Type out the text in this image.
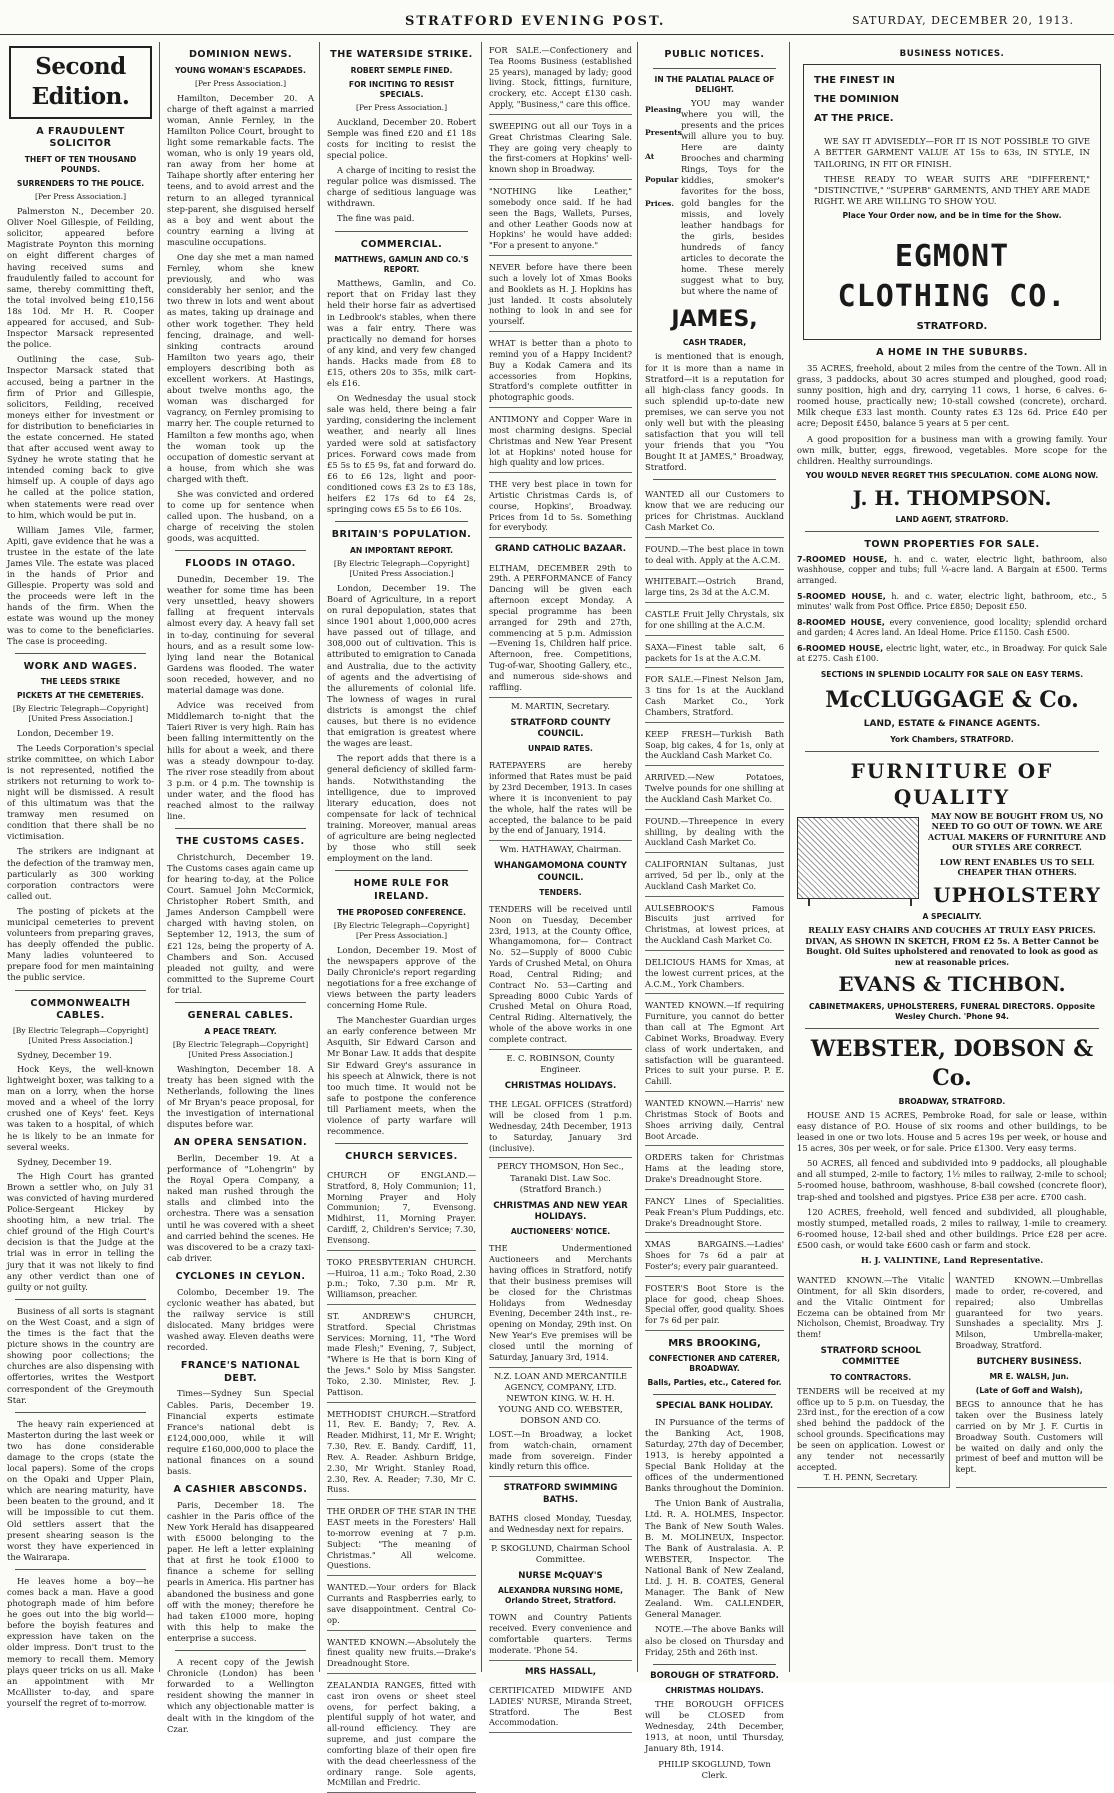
STRATFORD EVENING POST.	SATURDAY, DECEMBER 20, 1913.
Second Edition.
A FRAUDULENT SOLICITOR
THEFT OF TEN THOUSAND POUNDS.
SURRENDERS TO THE POLICE.
[Per Press Association.]

Palmerston N., December 20. Oliver Noel Gillespie, of Feilding, solicitor, appeared before Magistrate Poynton this morning on eight different charges of having received sums and fraudulently failed to account for same, thereby committing theft, the total involved being £10,156 18s 10d. Mr H. R. Cooper appeared for accused, and Sub-Inspector Marsack represented the police.

Outlining the case, Sub-Inspector Marsack stated that accused, being a partner in the firm of Prior and Gillespie, solicitors, Feilding, received moneys either for investment or for distribution to beneficiaries in the estate concerned. He stated that after accused went away to Sydney he wrote stating that he intended coming back to give himself up. A couple of days ago he called at the police station, when statements were read over to him, which would be put in.

William James Vile, farmer, Apiti, gave evidence that he was a trustee in the estate of the late James Vile. The estate was placed in the hands of Prior and Gillespie. Property was sold and the proceeds were left in the hands of the firm. When the estate was wound up the money was to come to the beneficiaries. The case is proceeding.

WORK AND WAGES.
THE LEEDS STRIKE
PICKETS AT THE CEMETERIES.
[By Electric Telegraph—Copyright] [United Press Association.]
London, December 19.

The Leeds Corporation's special strike committee, on which Labor is not represented, notified the strikers not returning to work to-night will be dismissed. A result of this ultimatum was that the tramway men resumed on condition that there shall be no victimisation.

The strikers are indignant at the defection of the tramway men, particularly as 300 working corporation contractors were called out.

The posting of pickets at the municipal cemeteries to prevent volunteers from preparing graves, has deeply offended the public. Many ladies volunteered to prepare food for men maintaining the public service.

COMMONWEALTH CABLES.
[By Electric Telegraph—Copyright] [United Press Association.]
Sydney, December 19.

Hock Keys, the well-known lightweight boxer, was talking to a man on a lorry, when the horse moved and a wheel of the lorry crushed one of Keys' feet. Keys was taken to a hospital, of which he is likely to be an inmate for several weeks.

Sydney, December 19.

The High Court has granted Brown a settler who, on July 31 was convicted of having murdered Police-Sergeant Hickey by shooting him, a new trial. The chief ground of the High Court's decision is that the Judge at the trial was in error in telling the jury that it was not likely to find any other verdict than one of guilty or not guilty.

Business of all sorts is stagnant on the West Coast, and a sign of the times is the fact that the picture shows in the country are showing poor collections; the churches are also dispensing with offertories, writes the Westport correspondent of the Greymouth Star.

The heavy rain experienced at Masterton during the last week or two has done considerable damage to the crops (state the local papers). Some of the crops on the Opaki and Upper Plain, which are nearing maturity, have been beaten to the ground, and it will be impossible to cut them. Old settlers assert that the present shearing season is the worst they have experienced in the Wairarapa.

He leaves home a boy—he comes back a man. Have a good photograph made of him before he goes out into the big world—before the boyish features and expression have taken on the older impress. Don't trust to the memory to recall them. Memory plays queer tricks on us all. Make an appointment with Mr McAllister to-day, and spare yourself the regret of to-morrow.

DOMINION NEWS.
YOUNG WOMAN'S ESCAPADES.
[Per Press Association.]

Hamilton, December 20. A charge of theft against a married woman, Annie Fernley, in the Hamilton Police Court, brought to light some remarkable facts. The woman, who is only 19 years old, ran away from her home at Taihape shortly after entering her teens, and to avoid arrest and the return to an alleged tyrannical step-parent, she disguised herself as a boy and went about the country earning a living at masculine occupations.

One day she met a man named Fernley, whom she knew previously, and who was considerably her senior, and the two threw in lots and went about as mates, taking up drainage and other work together. They held fencing, drainage, and well-sinking contracts around Hamilton two years ago, their employers describing both as excellent workers. At Hastings, about twelve months ago, the woman was discharged for vagrancy, on Fernley promising to marry her. The couple returned to Hamilton a few months ago, when the woman took up the occupation of domestic servant at a house, from which she was charged with theft.

She was convicted and ordered to come up for sentence when called upon. The husband, on a charge of receiving the stolen goods, was acquitted.

FLOODS IN OTAGO.

Dunedin, December 19. The weather for some time has been very unsettled, heavy showers falling at frequent intervals almost every day. A heavy fall set in to-day, continuing for several hours, and as a result some low-lying land near the Botanical Gardens was flooded. The water soon receded, however, and no material damage was done.

Advice was received from Middlemarch to-night that the Taieri River is very high. Rain has been falling intermittently on the hills for about a week, and there was a steady downpour to-day. The river rose steadily from about 3 p.m. or 4 p.m. The township is under water, and the flood has reached almost to the railway line.

THE CUSTOMS CASES.

Christchurch, December 19. The Customs cases again came up for hearing to-day, at the Police Court. Samuel John McCormick, Christopher Robert Smith, and James Anderson Campbell were charged with having stolen, on September 12, 1913, the sum of £21 12s, being the property of A. Chambers and Son. Accused pleaded not guilty, and were committed to the Supreme Court for trial.

GENERAL CABLES.
A PEACE TREATY.
[By Electric Telegraph—Copyright] [United Press Association.]

Washington, December 18. A treaty has been signed with the Netherlands, following the lines of Mr Bryan's peace proposal, for the investigation of international disputes before war.

AN OPERA SENSATION.

Berlin, December 19. At a performance of "Lohengrin" by the Royal Opera Company, a naked man rushed through the stalls and climbed into the orchestra. There was a sensation until he was covered with a sheet and carried behind the scenes. He was discovered to be a crazy taxi-cab driver.

CYCLONES IN CEYLON.

Colombo, December 19. The cyclonic weather has abated, but the railway service is still dislocated. Many bridges were washed away. Eleven deaths were recorded.

FRANCE'S NATIONAL DEBT.

Times—Sydney Sun Special Cables. Paris, December 19. Financial experts estimate France's national debt is £124,000,000, while it will require £160,000,000 to place the national finances on a sound basis.

A CASHIER ABSCONDS.

Paris, December 18. The cashier in the Paris office of the New York Herald has disappeared with £5000 belonging to the paper. He left a letter explaining that at first he took £1000 to finance a scheme for selling pearls in America. His partner has abandoned the business and gone off with the money; therefore he had taken £1000 more, hoping with this help to make the enterprise a success.

A recent copy of the Jewish Chronicle (London) has been forwarded to a Wellington resident showing the manner in which any objectionable matter is dealt with in the kingdom of the Czar.

THE WATERSIDE STRIKE.
ROBERT SEMPLE FINED.
FOR INCITING TO RESIST SPECIALS.
[Per Press Association.]

Auckland, December 20. Robert Semple was fined £20 and £1 18s costs for inciting to resist the special police.

A charge of inciting to resist the regular police was dismissed. The charge of seditious language was withdrawn.

The fine was paid.

COMMERCIAL.
MATTHEWS, GAMLIN AND CO.'S REPORT.

Matthews, Gamlin, and Co. report that on Friday last they held their horse fair as advertised in Ledbrook's stables, when there was a fair entry. There was practically no demand for horses of any kind, and very few changed hands. Hacks made from £8 to £15, others 20s to 35s, milk cart-els £16.

On Wednesday the usual stock sale was held, there being a fair yarding, considering the inclement weather, and nearly all lines yarded were sold at satisfactory prices. Forward cows made from £5 5s to £5 9s, fat and forward do. £6 to £6 12s, light and poor-conditioned cows £3 2s to £3 18s, heifers £2 17s 6d to £4 2s, springing cows £5 5s to £6 10s.

BRITAIN'S POPULATION.
AN IMPORTANT REPORT.
[By Electric Telegraph—Copyright] [United Press Association.]

London, December 19. The Board of Agriculture, in a report on rural depopulation, states that since 1901 about 1,000,000 acres have passed out of tillage, and 308,000 out of cultivation. This is attributed to emigration to Canada and Australia, due to the activity of agents and the advertising of the allurements of colonial life. The lowness of wages in rural districts is amongst the chief causes, but there is no evidence that emigration is greatest where the wages are least.

The report adds that there is a general deficiency of skilled farm-hands. Notwithstanding the intelligence, due to improved literary education, does not compensate for lack of technical training. Moreover, manual areas of agriculture are being neglected by those who still seek employment on the land.

HOME RULE FOR IRELAND.
THE PROPOSED CONFERENCE.
[By Electric Telegraph—Copyright] [Per Press Association.]

London, December 19. Most of the newspapers approve of the Daily Chronicle's report regarding negotiations for a free exchange of views between the party leaders concerning Home Rule.

The Manchester Guardian urges an early conference between Mr Asquith, Sir Edward Carson and Mr Bonar Law. It adds that despite Sir Edward Grey's assurance in his speech at Alnwick, there is not too much time. It would not be safe to postpone the conference till Parliament meets, when the violence of party warfare will recommence.

CHURCH SERVICES.
CHURCH OF ENGLAND.—Stratford, 8, Holy Communion; 11, Morning Prayer and Holy Communion; 7, Evensong. Midhirst, 11, Morning Prayer. Cardiff, 2, Children's Service; 7.30, Evensong.
TOKO PRESBYTERIAN CHURCH.—Huiroa, 11 a.m.; Toko Road, 2.30 p.m.; Toko, 7.30 p.m. Mr R. Williamson, preacher.
ST. ANDREW'S CHURCH, Stratford. Special Christmas Services: Morning, 11, "The Word made Flesh;" Evening, 7, Subject, "Where is He that is born King of the Jews." Solo by Miss Sangster. Toko, 2.30. Minister, Rev. J. Pattison.
METHODIST CHURCH.—Stratford 11, Rev. E. Bandy; 7, Rev. A. Reader. Midhirst, 11, Mr E. Wright; 7.30, Rev. E. Bandy. Cardiff, 11, Rev. A. Reader. Ashburn Bridge, 2.30, Mr Wright. Stanley Road, 2.30, Rev. A. Reader; 7.30, Mr C. Russ.
THE ORDER OF THE STAR IN THE EAST meets in the Foresters' Hall to-morrow evening at 7 p.m. Subject: "The meaning of Christmas." All welcome. Questions.
WANTED.—Your orders for Black Currants and Raspberries early, to save disappointment. Central Co-op.
WANTED KNOWN.—Absolutely the finest quality new fruits.—Drake's Dreadnought Store.
ZEALANDIA RANGES, fitted with cast iron ovens or sheet steel ovens, for perfect baking, a plentiful supply of hot water, and all-round efficiency. They are supreme, and just compare the comforting blaze of their open fire with the dead cheerlessness of the ordinary range. Sole agents, McMillan and Fredric.
FOR SALE.—Confectionery and Tea Rooms Business (established 25 years), managed by lady; good living. Stock, fittings, furniture, crockery, etc. Accept £130 cash. Apply, "Business," care this office.
SWEEPING out all our Toys in a Great Christmas Clearing Sale. They are going very cheaply to the first-comers at Hopkins' well-known shop in Broadway.
"NOTHING like Leather," somebody once said. If he had seen the Bags, Wallets, Purses, and other Leather Goods now at Hopkins' he would have added: "For a present to anyone."
NEVER before have there been such a lovely lot of Xmas Books and Booklets as H. J. Hopkins has just landed. It costs absolutely nothing to look in and see for yourself.
WHAT is better than a photo to remind you of a Happy Incident? Buy a Kodak Camera and its accessories from Hopkins, Stratford's complete outfitter in photographic goods.
ANTIMONY and Copper Ware in most charming designs. Special Christmas and New Year Present lot at Hopkins' noted house for high quality and low prices.
THE very best place in town for Artistic Christmas Cards is, of course, Hopkins', Broadway. Prices from 1d to 5s. Something for everybody.
GRAND CATHOLIC BAZAAR.
ELTHAM, DECEMBER 29th to 29th. A PERFORMANCE of Fancy Dancing will be given each afternoon except Monday. A special programme has been arranged for 29th and 27th, commencing at 5 p.m. Admission—Evening 1s, Children half price. Afternoon, free. Competitions, Tug-of-war, Shooting Gallery, etc., and numerous side-shows and raffling.
M. MARTIN, Secretary.
STRATFORD COUNTY COUNCIL.
UNPAID RATES.
RATEPAYERS are hereby informed that Rates must be paid by 23rd December, 1913. In cases where it is inconvenient to pay the whole, half the rates will be accepted, the balance to be paid by the end of January, 1914.
Wm. HATHAWAY, Chairman.
WHANGAMOMONA COUNTY COUNCIL.
TENDERS.
TENDERS will be received until Noon on Tuesday, December 23rd, 1913, at the County Office, Whangamomona, for— Contract No. 52—Supply of 8000 Cubic Yards of Crushed Metal, on Ohura Road, Central Riding; and Contract No. 53—Carting and Spreading 8000 Cubic Yards of Crushed Metal on Ohura Road, Central Riding. Alternatively, the whole of the above works in one complete contract.
E. C. ROBINSON, County Engineer.
CHRISTMAS HOLIDAYS.
THE LEGAL OFFICES (Stratford) will be closed from 1 p.m. Wednesday, 24th December, 1913 to Saturday, January 3rd (inclusive).
PERCY THOMSON, Hon Sec., Taranaki Dist. Law Soc. (Stratford Branch.)
CHRISTMAS AND NEW YEAR HOLIDAYS.
AUCTIONEERS' NOTICE.
THE Undermentioned Auctioneers and Merchants having offices in Stratford, notify that their business premises will be closed for the Christmas Holidays from Wednesday Evening, December 24th inst., re-opening on Monday, 29th inst. On New Year's Eve premises will be closed until the morning of Saturday, January 3rd, 1914.
N.Z. LOAN AND MERCANTILE AGENCY, COMPANY, LTD. NEWTON KING. W. H. H. YOUNG AND CO. WEBSTER, DOBSON AND CO.
LOST.—In Broadway, a locket from watch-chain, ornament made from sovereign. Finder kindly return this office.
STRATFORD SWIMMING BATHS.
BATHS closed Monday, Tuesday, and Wednesday next for repairs.
P. SKOGLUND, Chairman School Committee.
NURSE McQUAY'S
ALEXANDRA NURSING HOME, Orlando Street, Stratford.
TOWN and Country Patients received. Every convenience and comfortable quarters. Terms moderate. 'Phone 54.
MRS HASSALL,
CERTIFICATED MIDWIFE AND LADIES' NURSE, Miranda Street, Stratford. The Best Accommodation.
PUBLIC NOTICES.
IN THE PALATIAL PALACE OF DELIGHT.
Pleasing
Presents
At
Popular
Prices.

YOU may wander where you will, the presents and the prices will allure you to buy. Here are dainty Brooches and charming Rings, Toys for the kiddies, smoker's favorites for the boss, gold bangles for the missis, and lovely leather handbags for the girls, besides hundreds of fancy articles to decorate the home. These merely suggest what to buy, but where the name of

JAMES,
CASH TRADER,

is mentioned that is enough, for it is more than a name in Stratford—it is a reputation for all high-class fancy goods. In such splendid up-to-date new premises, we can serve you not only well but with the pleasing satisfaction that you will tell your friends that you "You Bought It at JAMES," Broadway, Stratford.

WANTED all our Customers to know that we are reducing our prices for Christmas. Auckland Cash Market Co.
FOUND.—The best place in town to deal with. Apply at the A.C.M.
WHITEBAIT.—Ostrich Brand, large tins, 2s 3d at the A.C.M.
CASTLE Fruit Jelly Chrystals, six for one shilling at the A.C.M.
SAXA—Finest table salt, 6 packets for 1s at the A.C.M.
FOR SALE.—Finest Nelson Jam, 3 tins for 1s at the Auckland Cash Market Co., York Chambers, Stratford.
KEEP FRESH—Turkish Bath Soap, big cakes, 4 for 1s, only at the Auckland Cash Market Co.
ARRIVED.—New Potatoes, Twelve pounds for one shilling at the Auckland Cash Market Co.
FOUND.—Threepence in every shilling, by dealing with the Auckland Cash Market Co.
CALIFORNIAN Sultanas, just arrived, 5d per lb., only at the Auckland Cash Market Co.
AULSEBROOK'S Famous Biscuits just arrived for Christmas, at lowest prices, at the Auckland Cash Market Co.
DELICIOUS HAMS for Xmas, at the lowest current prices, at the A.C.M., York Chambers.
WANTED KNOWN.—If requiring Furniture, you cannot do better than call at The Egmont Art Cabinet Works, Broadway. Every class of work undertaken, and satisfaction will be guaranteed. Prices to suit your purse. P. E. Cahill.
WANTED KNOWN.—Harris' new Christmas Stock of Boots and Shoes arriving daily, Central Boot Arcade.
ORDERS taken for Christmas Hams at the leading store, Drake's Dreadnought Store.
FANCY Lines of Specialities. Peak Frean's Plum Puddings, etc. Drake's Dreadnought Store.
XMAS BARGAINS.—Ladies' Shoes for 7s 6d a pair at Foster's; every pair guaranteed.
FOSTER'S Boot Store is the place for good, cheap Shoes. Special offer, good quality. Shoes for 7s 6d per pair.
MRS BROOKING,
CONFECTIONER AND CATERER, BROADWAY.
Balls, Parties, etc., Catered for.
SPECIAL BANK HOLIDAY.

IN Pursuance of the terms of the Banking Act, 1908, Saturday, 27th day of December, 1913, is hereby appointed a Special Bank Holiday at the offices of the undermentioned Banks throughout the Dominion.

The Union Bank of Australia, Ltd. R. A. HOLMES, Inspector. The Bank of New South Wales. B. M. MOLINEUX, Inspector. The Bank of Australasia. A. P. WEBSTER, Inspector. The National Bank of New Zealand, Ltd. J. H. B. COATES, General Manager. The Bank of New Zealand. Wm. CALLENDER, General Manager.

NOTE.—The above Banks will also be closed on Thursday and Friday, 25th and 26th inst.

BOROUGH OF STRATFORD.
CHRISTMAS HOLIDAYS.

THE BOROUGH OFFICES will be CLOSED from Wednesday, 24th December, 1913, at noon, until Thursday, January 8th, 1914.

PHILIP SKOGLUND, Town Clerk.
BUSINESS NOTICES.
THE FINEST IN
THE DOMINION
AT THE PRICE.

WE SAY IT ADVISEDLY—FOR IT IS NOT POSSIBLE TO GIVE A BETTER GARMENT VALUE AT 15s to 63s, IN STYLE, IN TAILORING, IN FIT OR FINISH.

THESE READY TO WEAR SUITS ARE "DIFFERENT," "DISTINCTIVE," "SUPERB" GARMENTS, AND THEY ARE MADE RIGHT. WE ARE WILLING TO SHOW YOU.

Place Your Order now, and be in time for the Show.
EGMONT CLOTHING CO.
STRATFORD.
A HOME IN THE SUBURBS.

35 ACRES, freehold, about 2 miles from the centre of the Town. All in grass, 3 paddocks, about 30 acres stumped and ploughed, good road; sunny position, high and dry, carrying 11 cows, 1 horse, 6 calves. 6-roomed house, practically new; 10-stall cowshed (concrete), orchard. Milk cheque £33 last month. County rates £3 12s 6d. Price £40 per acre; Deposit £450, balance 5 years at 5 per cent.

A good proposition for a business man with a growing family. Your own milk, butter, eggs, firewood, vegetables. More scope for the children. Healthy surroundings.

YOU WOULD NEVER REGRET THIS SPECULATION. COME ALONG NOW.
J. H. THOMPSON.
LAND AGENT, STRATFORD.
TOWN PROPERTIES FOR SALE.
7-ROOMED HOUSE, h. and c. water, electric light, bathroom, also washhouse, copper and tubs; full ¼-acre land. A Bargain at £500. Terms arranged.
5-ROOMED HOUSE, h. and c. water, electric light, bathroom, etc., 5 minutes' walk from Post Office. Price £850; Deposit £50.
8-ROOMED HOUSE, every convenience, good locality; splendid orchard and garden; 4 Acres land. An Ideal Home. Price £1150. Cash £500.
6-ROOMED HOUSE, electric light, water, etc., in Broadway. For quick Sale at £275. Cash £100.
SECTIONS IN SPLENDID LOCALITY FOR SALE ON EASY TERMS.
McCLUGGAGE & Co.
LAND, ESTATE & FINANCE AGENTS.
York Chambers, STRATFORD.
FURNITURE OF QUALITY

MAY NOW BE BOUGHT FROM US, NO NEED TO GO OUT OF TOWN. WE ARE ACTUAL MAKERS OF FURNITURE AND OUR STYLES ARE CORRECT.

LOW RENT ENABLES US TO SELL CHEAPER THAN OTHERS.

UPHOLSTERY
A SPECIALITY.
REALLY EASY CHAIRS AND COUCHES AT TRULY EASY PRICES. DIVAN, AS SHOWN IN SKETCH, FROM £2 5s. A Better Cannot be Bought. Old Suites upholstered and renovated to look as good as new at reasonable prices.
EVANS & TICHBON.
CABINETMAKERS, UPHOLSTERERS, FUNERAL DIRECTORS. Opposite Wesley Church. 'Phone 94.
WEBSTER, DOBSON & Co.
BROADWAY, STRATFORD.

HOUSE AND 15 ACRES, Pembroke Road, for sale or lease, within easy distance of P.O. House of six rooms and other buildings, to be leased in one or two lots. House and 5 acres 19s per week, or house and 15 acres, 30s per week, or for sale. Price £1300. Very easy terms.

50 ACRES, all fenced and subdivided into 9 paddocks, all ploughable and all stumped, 2-mile to factory, 1½ miles to railway, 2-mile to school; 5-roomed house, bathroom, washhouse, 8-bail cowshed (concrete floor), trap-shed and toolshed and pigstyes. Price £38 per acre. £700 cash.

120 ACRES, freehold, well fenced and subdivided, all ploughable, mostly stumped, metalled roads, 2 miles to railway, 1-mile to creamery. 6-roomed house, 12-bail shed and other buildings. Price £28 per acre. £500 cash, or would take £600 cash or farm and stock.

H. J. VALINTINE, Land Representative.
WANTED KNOWN.—The Vitalic Ointment, for all Skin disorders, and the Vitalic Ointment for Eczema can be obtained from Mr Nicholson, Chemist, Broadway. Try them!
STRATFORD SCHOOL COMMITTEE
TO CONTRACTORS.
TENDERS will be received at my office up to 5 p.m. on Tuesday, the 23rd inst., for the erection of a cow shed behind the paddock of the school grounds. Specifications may be seen on application. Lowest or any tender not necessarily accepted.
T. H. PENN, Secretary.
WANTED KNOWN.—Umbrellas made to order, re-covered, and repaired; also Umbrellas guaranteed for two years. Sunshades a speciality. Mrs J. Milson, Umbrella-maker, Broadway, Stratford.
BUTCHERY BUSINESS.
MR E. WALSH, Jun.
(Late of Goff and Walsh),
BEGS to announce that he has taken over the Business lately carried on by Mr J. F. Curtis in Broadway South. Customers will be waited on daily and only the primest of beef and mutton will be kept.
